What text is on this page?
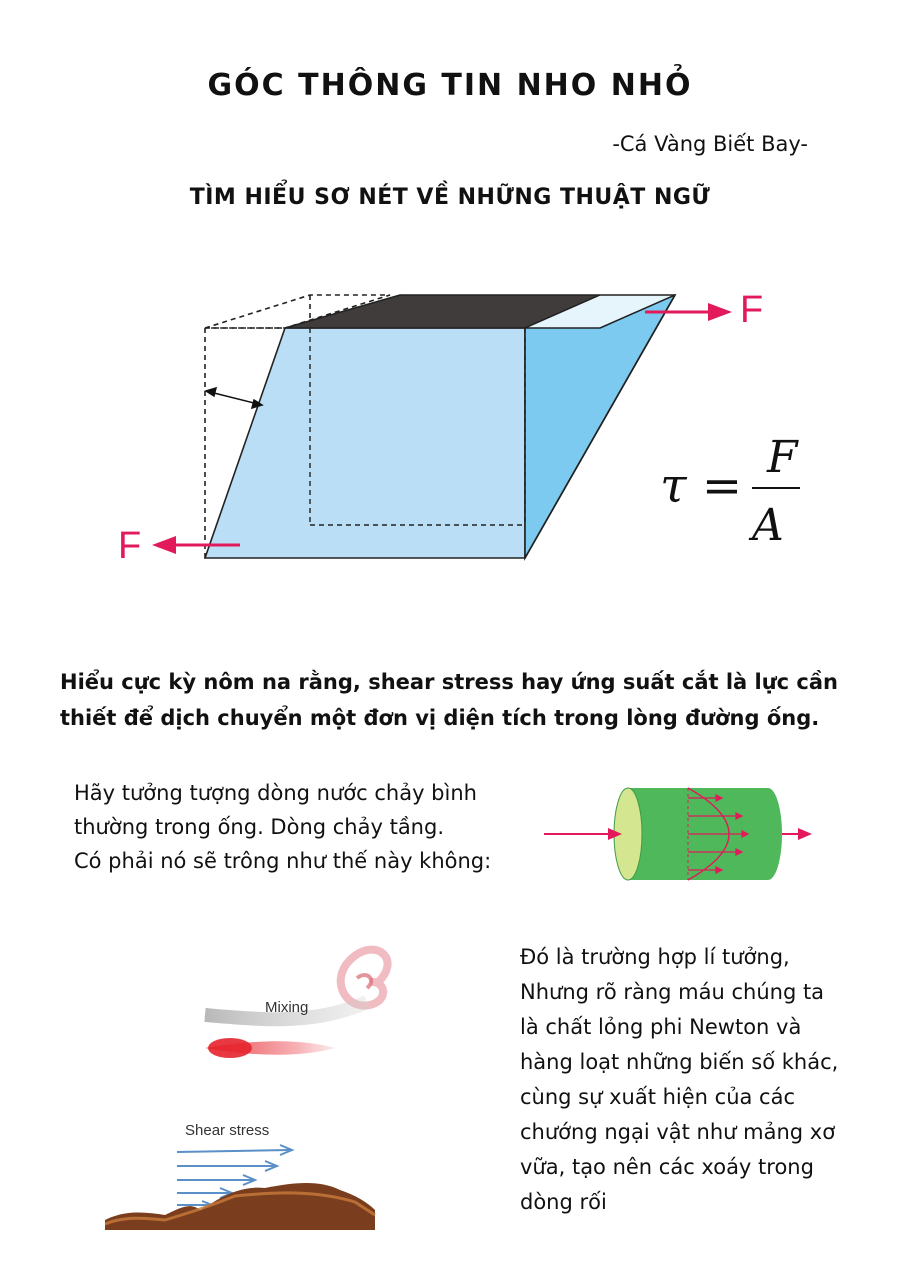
GÓC THÔNG TIN NHO NHỎ
-Cá Vàng Biết Bay-
TÌM HIỂU SƠ NÉT VỀ NHỮNG THUẬT NGỮ
F
F
τ =
F
A
Hiểu cực kỳ nôm na rằng, shear stress hay ứng suất cắt là lực cần thiết để dịch chuyển một đơn vị diện tích trong lòng đường ống.
Hãy tưởng tượng dòng nước chảy bình
thường trong ống. Dòng chảy tầng.
Có phải nó sẽ trông như thế này không:
Mixing
Shear stress
Đó là trường hợp lí tưởng,
Nhưng rõ ràng máu chúng ta
là chất lỏng phi Newton và
hàng loạt những biến số khác,
cùng sự xuất hiện của các
chướng ngại vật như mảng xơ
vữa, tạo nên các xoáy trong
dòng rối
